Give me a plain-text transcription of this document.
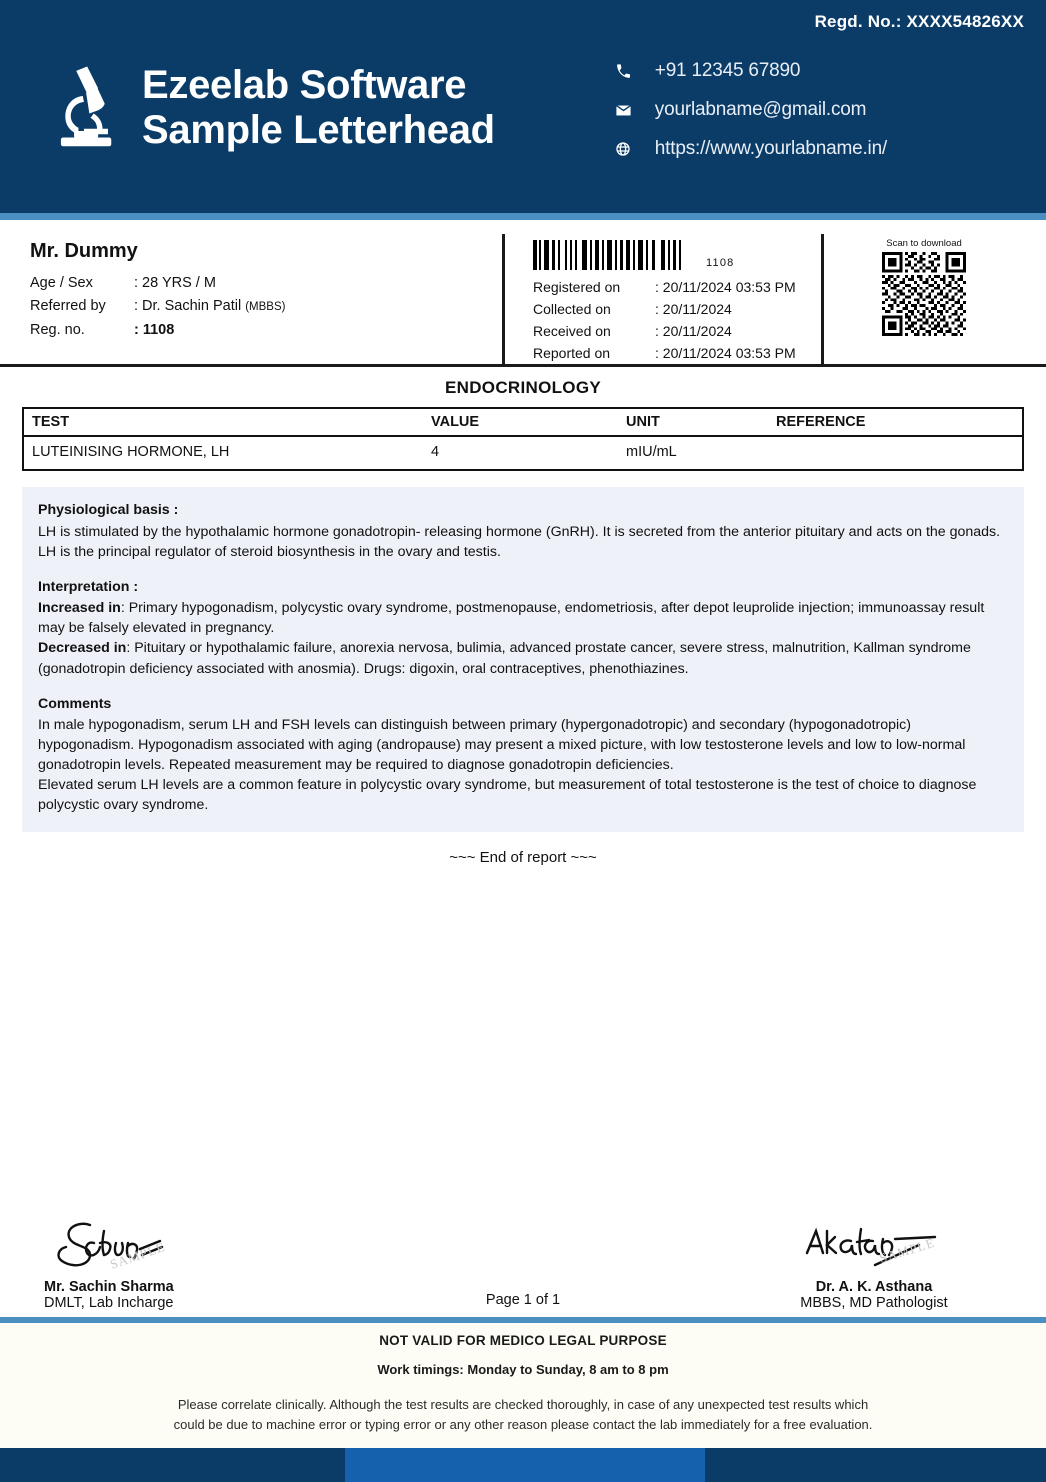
Regd. No.: XXXX54826XX
Ezeelab Software
Sample Letterhead
+91 12345 67890
yourlabname@gmail.com
https://www.yourlabname.in/
Mr. Dummy
Age / Sex	: 28 YRS / M
Referred by	: Dr. Sachin Patil (MBBS)
Reg. no.	: 1108
1108
Registered on	: 20/11/2024 03:53 PM
Collected on	: 20/11/2024
Received on	: 20/11/2024
Reported on	: 20/11/2024 03:53 PM
Scan to download
ENDOCRINOLOGY
TEST	VALUE	UNIT	REFERENCE
LUTEINISING HORMONE, LH	4	mIU/mL	
Physiological basis :

LH is stimulated by the hypothalamic hormone gonadotropin- releasing hormone (GnRH). It is secreted from the anterior pituitary and acts on the gonads. LH is the principal regulator of steroid biosynthesis in the ovary and testis.

Interpretation :

Increased in: Primary hypogonadism, polycystic ovary syndrome, postmenopause, endometriosis, after depot leuprolide injection; immunoassay result may be falsely elevated in pregnancy.

Decreased in: Pituitary or hypothalamic failure, anorexia nervosa, bulimia, advanced prostate cancer, severe stress, malnutrition, Kallman syndrome (gonadotropin deficiency associated with anosmia). Drugs: digoxin, oral contraceptives, phenothiazines.

Comments

In male hypogonadism, serum LH and FSH levels can distinguish between primary (hypergonadotropic) and secondary (hypogonadotropic) hypogonadism. Hypogonadism associated with aging (andropause) may present a mixed picture, with low testosterone levels and low to low-normal gonadotropin levels. Repeated measurement may be required to diagnose gonadotropin deficiencies.

Elevated serum LH levels are a common feature in polycystic ovary syndrome, but measurement of total testosterone is the test of choice to diagnose polycystic ovary syndrome.

~~~ End of report ~~~
SAMPLE
Mr. Sachin Sharma
DMLT, Lab Incharge	Page 1 of 1
SAMPLE
Dr. A. K. Asthana
MBBS, MD Pathologist
NOT VALID FOR MEDICO LEGAL PURPOSE
Work timings: Monday to Sunday, 8 am to 8 pm
Please correlate clinically. Although the test results are checked thoroughly, in case of any unexpected test results which
could be due to machine error or typing error or any other reason please contact the lab immediately for a free evaluation.
